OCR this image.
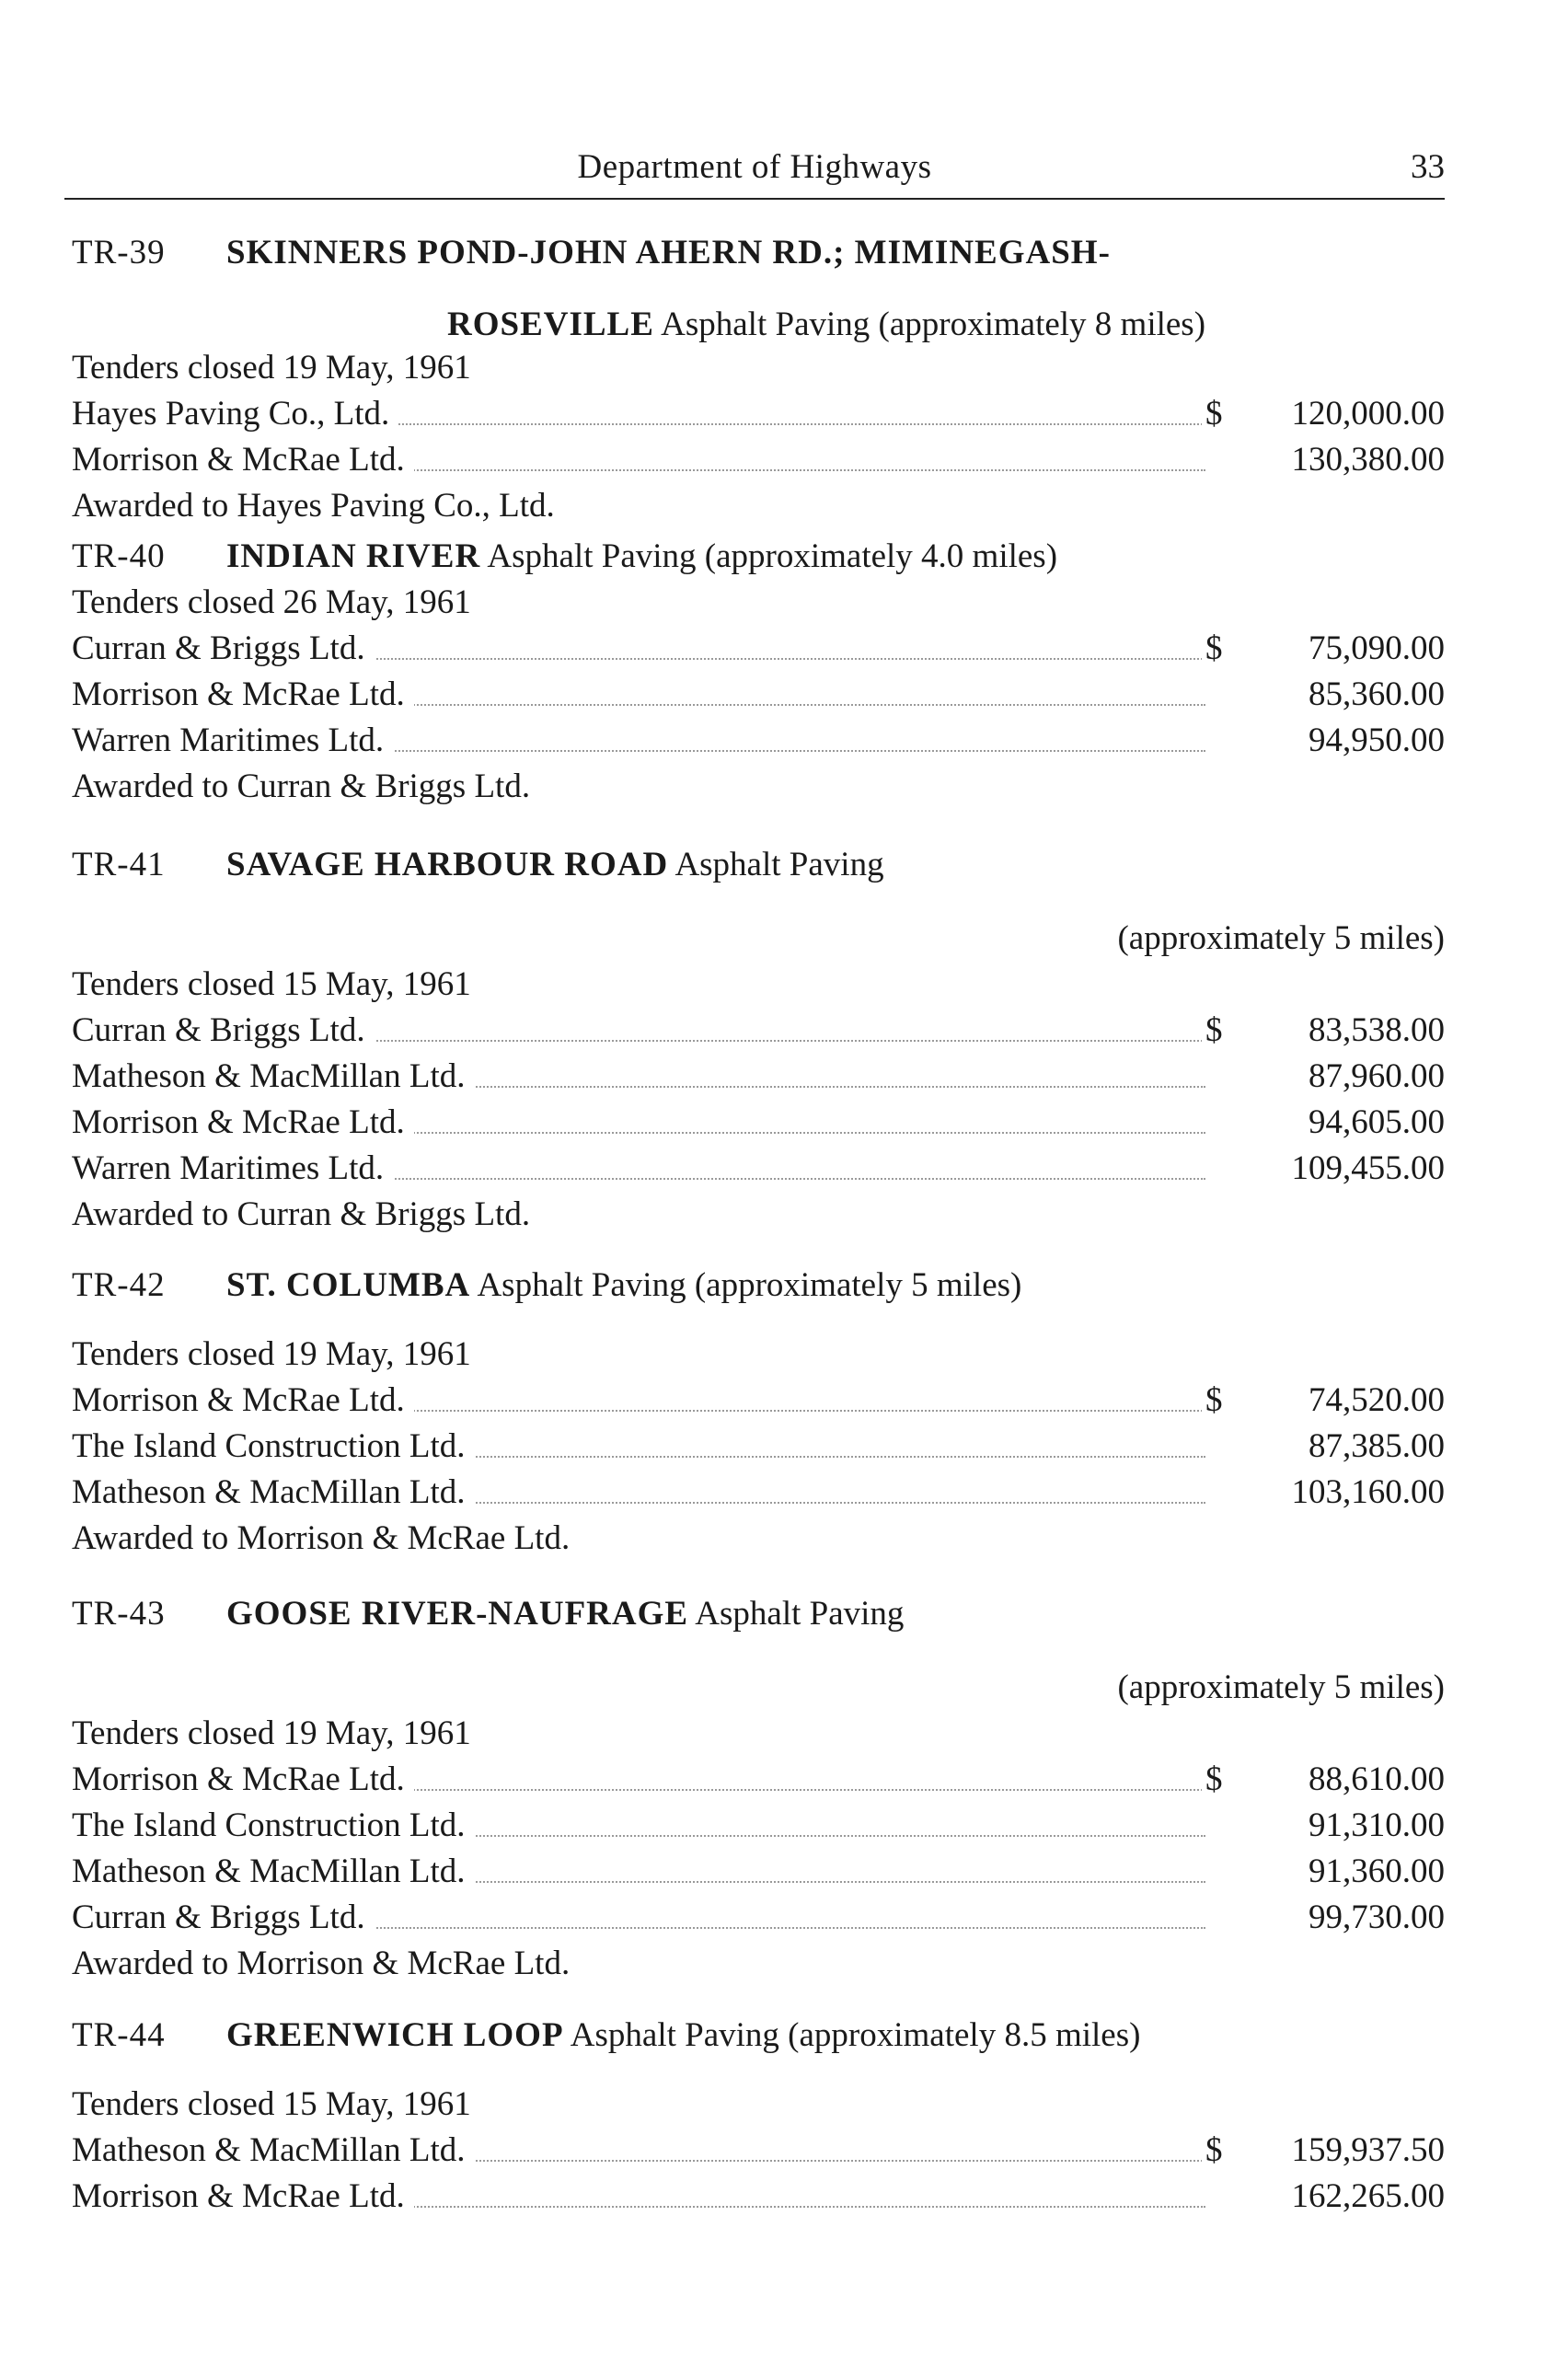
Department of Highways	33
TR-39 SKINNERS POND-JOHN AHERN RD.; MIMINEGASH-
ROSEVILLE Asphalt Paving (approximately 8 miles)
Tenders closed 19 May, 1961
Hayes Paving Co., Ltd.	$ 120,000.00
Morrison & McRae Ltd.	130,380.00
Awarded to Hayes Paving Co., Ltd.
TR-40 INDIAN RIVER Asphalt Paving (approximately 4.0 miles)
Tenders closed 26 May, 1961
Curran & Briggs Ltd.	$	75,090.00
Morrison & McRae Ltd.	85,360.00
Warren Maritimes Ltd.	94,950.00
Awarded to Curran & Briggs Ltd.
TR-41 SAVAGE HARBOUR ROAD Asphalt Paving
(approximately 5 miles)
Tenders closed 15 May, 1961
Curran & Briggs Ltd.	$	83,538.00
Matheson & MacMillan Ltd.	87,960.00
Morrison & McRae Ltd.	94,605.00
Warren Maritimes Ltd.	109,455.00
Awarded to Curran & Briggs Ltd.
TR-42 ST. COLUMBA Asphalt Paving (approximately 5 miles)
Tenders closed 19 May, 1961
Morrison & McRae Ltd.	$	74,520.00
The Island Construction Ltd.	87,385.00
Matheson & MacMillan Ltd.	103,160.00
Awarded to Morrison & McRae Ltd.
TR-43 GOOSE RIVER-NAUFRAGE Asphalt Paving
(approximately 5 miles)
Tenders closed 19 May, 1961
Morrison & McRae Ltd.	$	88,610.00
The Island Construction Ltd.	91,310.00
Matheson & MacMillan Ltd.	91,360.00
Curran & Briggs Ltd.	99,730.00
Awarded to Morrison & McRae Ltd.
TR-44 GREENWICH LOOP Asphalt Paving (approximately 8.5 miles)
Tenders closed 15 May, 1961
Matheson & MacMillan Ltd.	$ 159,937.50
Morrison & McRae Ltd.	162,265.00
